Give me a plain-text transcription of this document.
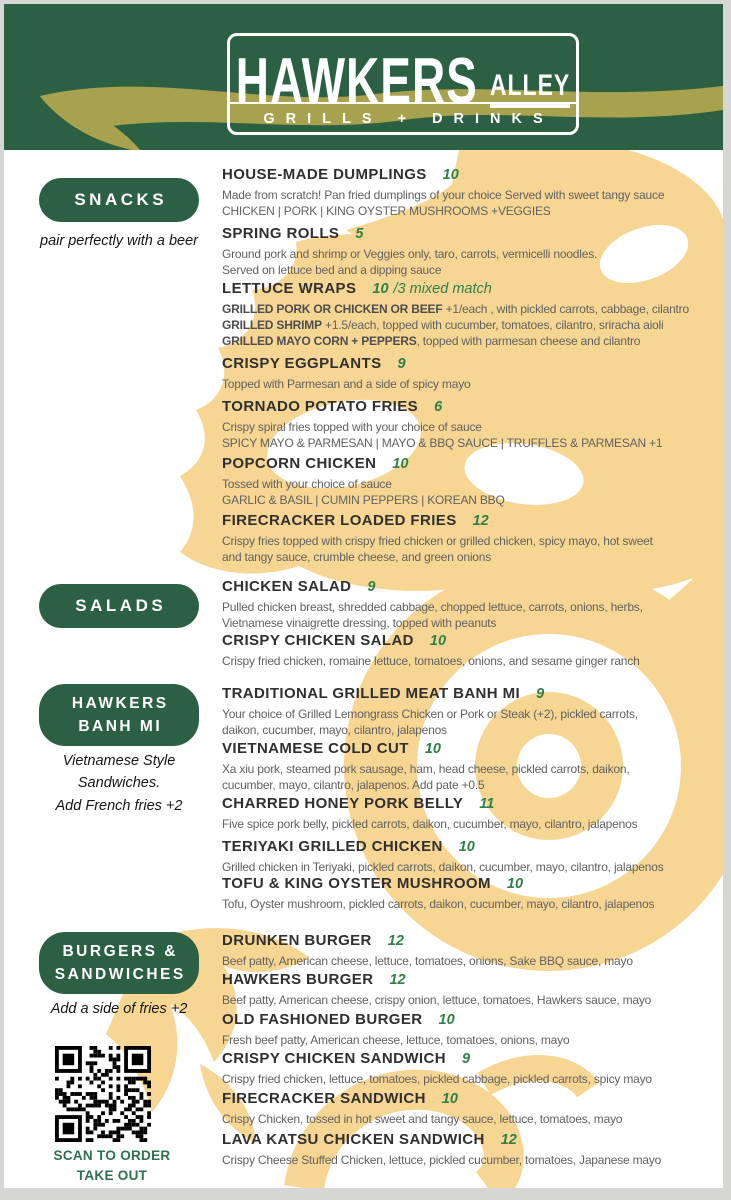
HAWKERS ALLEY
GRILLS + DRINKS
SNACKS
pair perfectly with a beer
SALADS
HAWKERS
BANH MI
Vietnamese Style
Sandwiches.
Add French fries +2
BURGERS &
SANDWICHES
Add a side of fries +2
SCAN TO ORDER
TAKE OUT
HOUSE-MADE DUMPLINGS 10
Made from scratch! Pan fried dumplings of your choice Served with sweet tangy sauce
CHICKEN | PORK | KING OYSTER MUSHROOMS +VEGGIES
SPRING ROLLS 5
Ground pork and shrimp or Veggies only, taro, carrots, vermicelli noodles.
Served on lettuce bed and a dipping sauce
LETTUCE WRAPS 10 /3 mixed match
GRILLED PORK OR CHICKEN OR BEEF +1/each , with pickled carrots, cabbage, cilantro
GRILLED SHRIMP +1.5/each, topped with cucumber, tomatoes, cilantro, sriracha aioli
GRILLED MAYO CORN + PEPPERS, topped with parmesan cheese and cilantro
CRISPY EGGPLANTS 9
Topped with Parmesan and a side of spicy mayo
TORNADO POTATO FRIES 6
Crispy spiral fries topped with your choice of sauce
SPICY MAYO & PARMESAN | MAYO & BBQ SAUCE | TRUFFLES & PARMESAN +1
POPCORN CHICKEN 10
Tossed with your choice of sauce
GARLIC & BASIL | CUMIN PEPPERS | KOREAN BBQ
FIRECRACKER LOADED FRIES 12
Crispy fries topped with crispy fried chicken or grilled chicken, spicy mayo, hot sweet
and tangy sauce, crumble cheese, and green onions
CHICKEN SALAD 9
Pulled chicken breast, shredded cabbage, chopped lettuce, carrots, onions, herbs,
Vietnamese vinaigrette dressing, topped with peanuts
CRISPY CHICKEN SALAD 10
Crispy fried chicken, romaine lettuce, tomatoes, onions, and sesame ginger ranch
TRADITIONAL GRILLED MEAT BANH MI 9
Your choice of Grilled Lemongrass Chicken or Pork or Steak (+2), pickled carrots,
daikon, cucumber, mayo, cilantro, jalapenos
VIETNAMESE COLD CUT 10
Xa xiu pork, steamed pork sausage, ham, head cheese, pickled carrots, daikon,
cucumber, mayo, cilantro, jalapenos. Add pate +0.5
CHARRED HONEY PORK BELLY 11
Five spice pork belly, pickled carrots, daikon, cucumber, mayo, cilantro, jalapenos
TERIYAKI GRILLED CHICKEN 10
Grilled chicken in Teriyaki, pickled carrots, daikon, cucumber, mayo, cilantro, jalapenos
TOFU & KING OYSTER MUSHROOM 10
Tofu, Oyster mushroom, pickled carrots, daikon, cucumber, mayo, cilantro, jalapenos
DRUNKEN BURGER 12
Beef patty, American cheese, lettuce, tomatoes, onions, Sake BBQ sauce, mayo
HAWKERS BURGER 12
Beef patty, American cheese, crispy onion, lettuce, tomatoes, Hawkers sauce, mayo
OLD FASHIONED BURGER 10
Fresh beef patty, American cheese, lettuce, tomatoes, onions, mayo
CRISPY CHICKEN SANDWICH 9
Crispy fried chicken, lettuce, tomatoes, pickled cabbage, pickled carrots, spicy mayo
FIRECRACKER SANDWICH 10
Crispy Chicken, tossed in hot sweet and tangy sauce, lettuce, tomatoes, mayo
LAVA KATSU CHICKEN SANDWICH 12
Crispy Cheese Stuffed Chicken, lettuce, pickled cucumber, tomatoes, Japanese mayo
